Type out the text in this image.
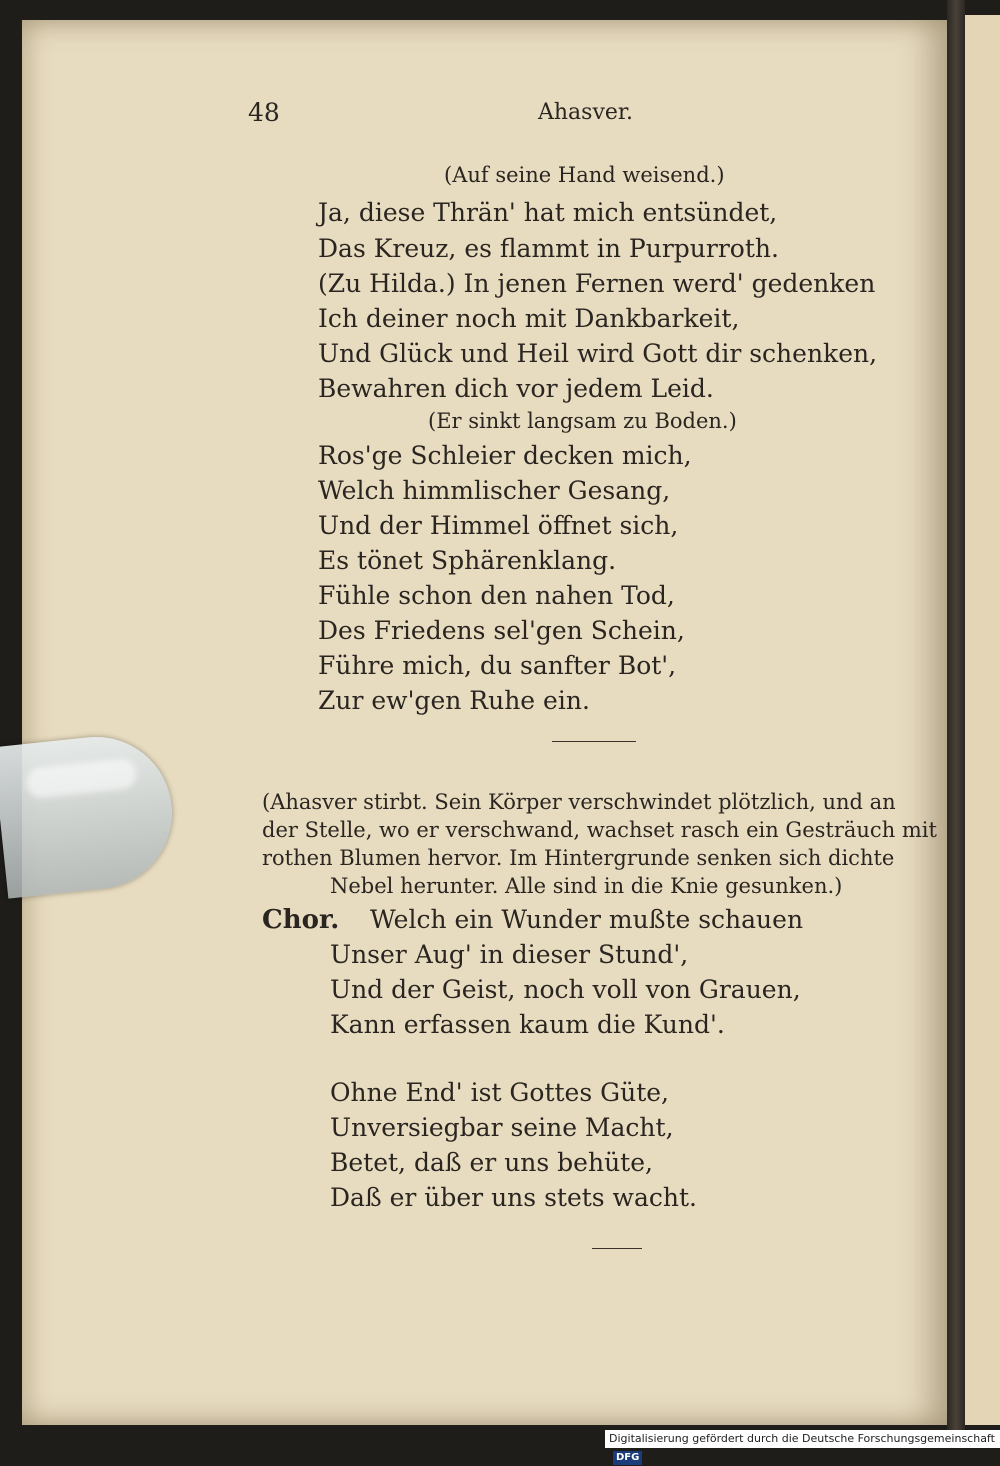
48	Ahasver.
(Auf seine Hand weisend.)
Ja, diese Thrän' hat mich entsündet,
Das Kreuz, es flammt in Purpurroth.
(Zu Hilda.) In jenen Fernen werd' gedenken
Ich deiner noch mit Dankbarkeit,
Und Glück und Heil wird Gott dir schenken,
Bewahren dich vor jedem Leid.
(Er sinkt langsam zu Boden.)
Ros'ge Schleier decken mich,
Welch himmlischer Gesang,
Und der Himmel öffnet sich,
Es tönet Sphärenklang.
Fühle schon den nahen Tod,
Des Friedens sel'gen Schein,
Führe mich, du sanfter Bot',
Zur ew'gen Ruhe ein.
(Ahasver stirbt. Sein Körper verschwindet plötzlich, und an
der Stelle, wo er verschwand, wachset rasch ein Gesträuch mit
rothen Blumen hervor. Im Hintergrunde senken sich dichte
Nebel herunter. Alle sind in die Knie gesunken.)
Chor. Welch ein Wunder mußte schauen
Unser Aug' in dieser Stund',
Und der Geist, noch voll von Grauen,
Kann erfassen kaum die Kund'.
Ohne End' ist Gottes Güte,
Unversiegbar seine Macht,
Betet, daß er uns behüte,
Daß er über uns stets wacht.
Digitalisierung gefördert durch die Deutsche Forschungsgemeinschaft DFG
